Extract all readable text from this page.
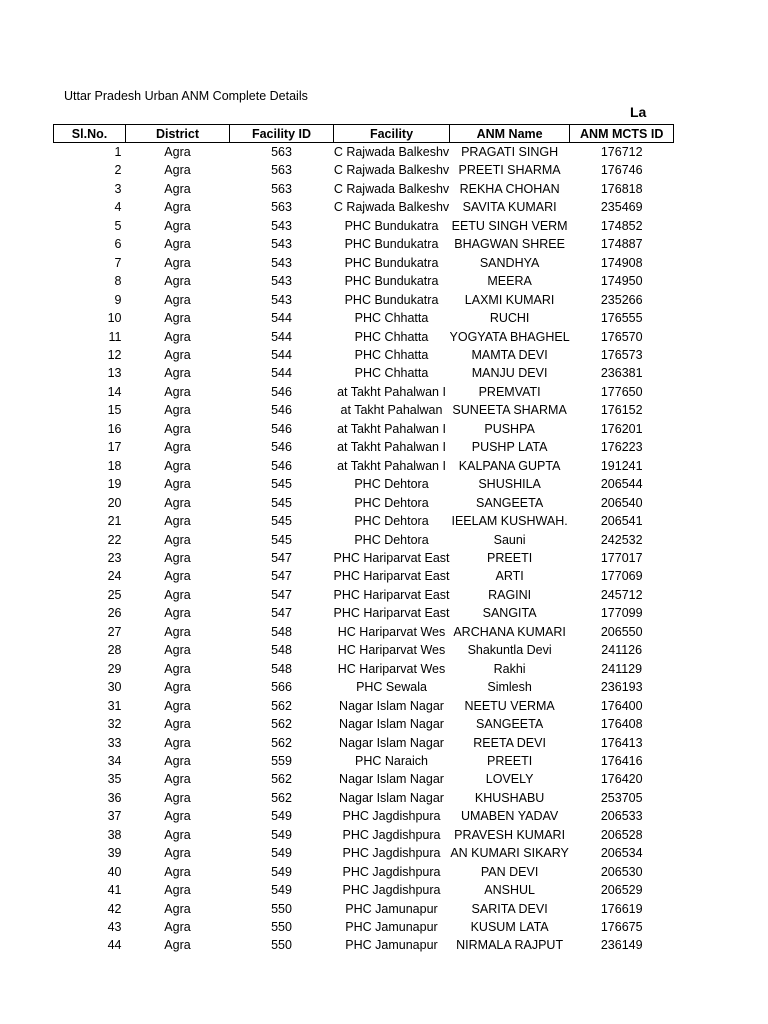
Uttar Pradesh Urban ANM Complete Details
La
Sl.No.	District	Facility ID	Facility	ANM Name	ANM MCTS ID
1	Agra	563	C Rajwada Balkeshv	PRAGATI SINGH	176712
2	Agra	563	C Rajwada Balkeshv	PREETI SHARMA	176746
3	Agra	563	C Rajwada Balkeshv	REKHA CHOHAN	176818
4	Agra	563	C Rajwada Balkeshv	SAVITA KUMARI	235469
5	Agra	543	PHC Bundukatra	EETU SINGH VERM	174852
6	Agra	543	PHC Bundukatra	BHAGWAN SHREE	174887
7	Agra	543	PHC Bundukatra	SANDHYA	174908
8	Agra	543	PHC Bundukatra	MEERA	174950
9	Agra	543	PHC Bundukatra	LAXMI KUMARI	235266
10	Agra	544	PHC Chhatta	RUCHI	176555
11	Agra	544	PHC Chhatta	YOGYATA BHAGHEL	176570
12	Agra	544	PHC Chhatta	MAMTA DEVI	176573
13	Agra	544	PHC Chhatta	MANJU DEVI	236381
14	Agra	546	at Takht Pahalwan I	PREMVATI	177650
15	Agra	546	at Takht Pahalwan	SUNEETA SHARMA	176152
16	Agra	546	at Takht Pahalwan I	PUSHPA	176201
17	Agra	546	at Takht Pahalwan I	PUSHP LATA	176223
18	Agra	546	at Takht Pahalwan I	KALPANA GUPTA	191241
19	Agra	545	PHC Dehtora	SHUSHILA	206544
20	Agra	545	PHC Dehtora	SANGEETA	206540
21	Agra	545	PHC Dehtora	IEELAM KUSHWAH.	206541
22	Agra	545	PHC Dehtora	Sauni	242532
23	Agra	547	PHC Hariparvat East	PREETI	177017
24	Agra	547	PHC Hariparvat East	ARTI	177069
25	Agra	547	PHC Hariparvat East	RAGINI	245712
26	Agra	547	PHC Hariparvat East	SANGITA	177099
27	Agra	548	HC Hariparvat Wes	ARCHANA KUMARI	206550
28	Agra	548	HC Hariparvat Wes	Shakuntla Devi	241126
29	Agra	548	HC Hariparvat Wes	Rakhi	241129
30	Agra	566	PHC Sewala	Simlesh	236193
31	Agra	562	Nagar Islam Nagar	NEETU VERMA	176400
32	Agra	562	Nagar Islam Nagar	SANGEETA	176408
33	Agra	562	Nagar Islam Nagar	REETA DEVI	176413
34	Agra	559	PHC Naraich	PREETI	176416
35	Agra	562	Nagar Islam Nagar	LOVELY	176420
36	Agra	562	Nagar Islam Nagar	KHUSHABU	253705
37	Agra	549	PHC Jagdishpura	UMABEN YADAV	206533
38	Agra	549	PHC Jagdishpura	PRAVESH KUMARI	206528
39	Agra	549	PHC Jagdishpura	AN KUMARI SIKARY	206534
40	Agra	549	PHC Jagdishpura	PAN DEVI	206530
41	Agra	549	PHC Jagdishpura	ANSHUL	206529
42	Agra	550	PHC Jamunapur	SARITA DEVI	176619
43	Agra	550	PHC Jamunapur	KUSUM LATA	176675
44	Agra	550	PHC Jamunapur	NIRMALA RAJPUT	236149
